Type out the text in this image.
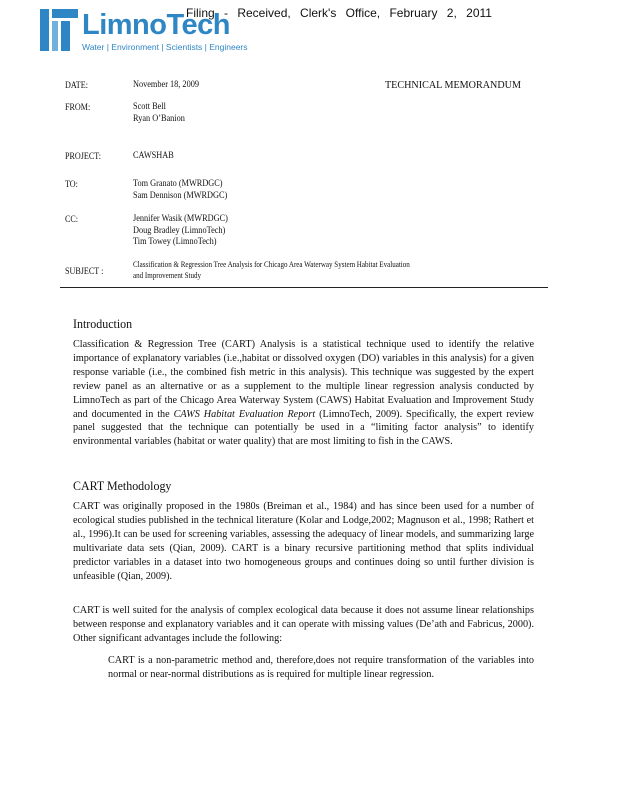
Filing - Received, Clerk's Office, February 2, 2011
LimnoTech
Water | Environment | Scientists | Engineers
TECHNICAL MEMORANDUM
DATE:	November 18, 2009
FROM:	Scott Bell
Ryan O’Banion
PROJECT:	CAWSHAB
TO:	Tom Granato (MWRDGC)
Sam Dennison (MWRDGC)
CC:	Jennifer Wasik (MWRDGC)
Doug Bradley (LimnoTech)
Tim Towey (LimnoTech)
SUBJECT :
Classification & Regression Tree Analysis for Chicago Area Waterway System Habitat Evaluation
and Improvement Study
Introduction

Classification & Regression Tree (CART) Analysis is a statistical technique used to identify the relative importance of explanatory variables (i.e.,habitat or dissolved oxygen (DO) variables in this analysis) for a given response variable (i.e., the combined fish metric in this analysis). This technique was suggested by the expert review panel as an alternative or as a supplement to the multiple linear regression analysis conducted by LimnoTech as part of the Chicago Area Waterway System (CAWS) Habitat Evaluation and Improvement Study and documented in the CAWS Habitat Evaluation Report (LimnoTech, 2009). Specifically, the expert review panel suggested that the technique can potentially be used in a “limiting factor analysis” to identify environmental variables (habitat or water quality) that are most limiting to fish in the CAWS.

CART Methodology

CART was originally proposed in the 1980s (Breiman et al., 1984) and has since been used for a number of ecological studies published in the technical literature (Kolar and Lodge,2002; Magnuson et al., 1998; Rathert et al., 1996).It can be used for screening variables, assessing the adequacy of linear models, and summarizing large multivariate data sets (Qian, 2009). CART is a binary recursive partitioning method that splits individual predictor variables in a dataset into two homogeneous groups and continues doing so until further division is unfeasible (Qian, 2009).

CART is well suited for the analysis of complex ecological data because it does not assume linear relationships between response and explanatory variables and it can operate with missing values (De’ath and Fabricus, 2000). Other significant advantages include the following:

CART is a non-parametric method and, therefore,does not require transformation of the variables into normal or near-normal distributions as is required for multiple linear regression.
